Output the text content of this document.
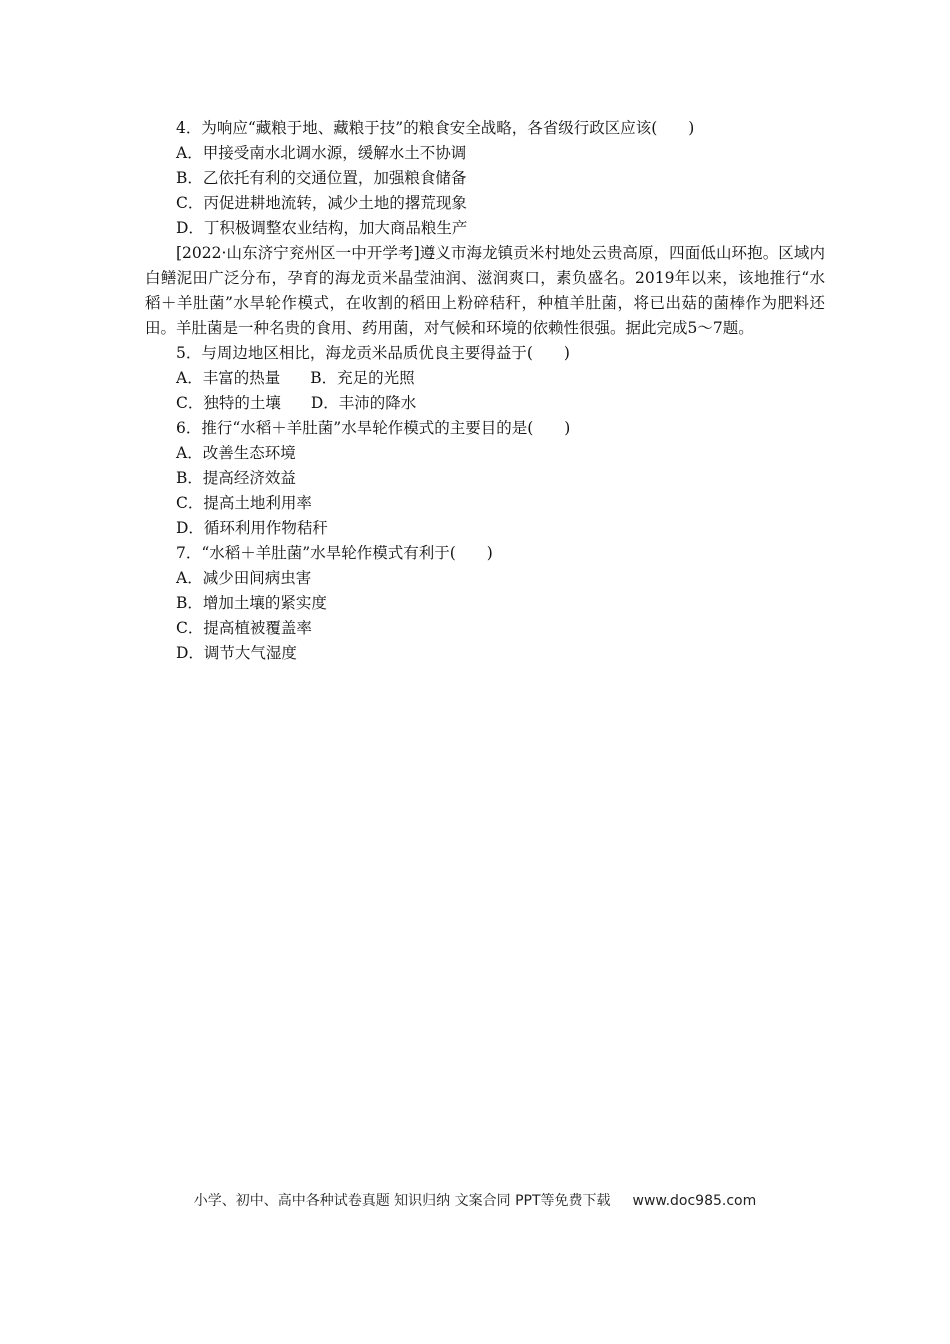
4．为响应“藏粮于地、藏粮于技”的粮食安全战略，各省级行政区应该(　　)
A．甲接受南水北调水源，缓解水土不协调
B．乙依托有利的交通位置，加强粮食储备
C．丙促进耕地流转，减少土地的撂荒现象
D．丁积极调整农业结构，加大商品粮生产
[2022·山东济宁兖州区一中开学考]遵义市海龙镇贡米村地处云贵高原，四面低山环抱。区域内白鳝泥田广泛分布，孕育的海龙贡米晶莹油润、滋润爽口，素负盛名。2019年以来，该地推行“水稻＋羊肚菌”水旱轮作模式，在收割的稻田上粉碎秸秆，种植羊肚菌，将已出菇的菌棒作为肥料还田。羊肚菌是一种名贵的食用、药用菌，对气候和环境的依赖性很强。据此完成5～7题。
5．与周边地区相比，海龙贡米品质优良主要得益于(　　)
A．丰富的热量 B．充足的光照
C．独特的土壤 D．丰沛的降水
6．推行“水稻＋羊肚菌”水旱轮作模式的主要目的是(　　)
A．改善生态环境
B．提高经济效益
C．提高土地利用率
D．循环利用作物秸秆
7．“水稻＋羊肚菌”水旱轮作模式有利于(　　)
A．减少田间病虫害
B．增加土壤的紧实度
C．提高植被覆盖率
D．调节大气湿度
小学、初中、高中各种试卷真题 知识归纳 文案合同 PPT等免费下载 www.doc985.com
